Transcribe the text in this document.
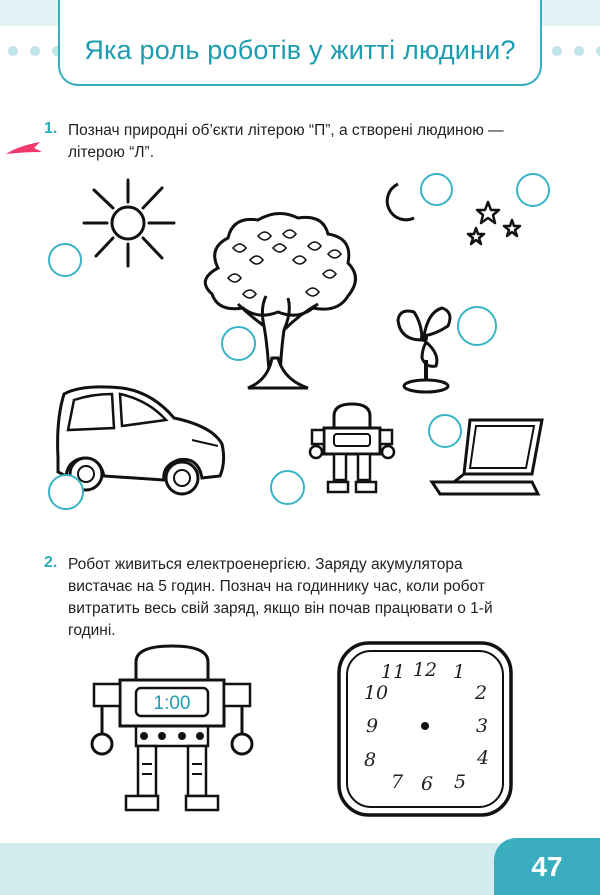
Яка роль роботів у житті людини?
1. Познач природні об’єкти літерою “П”, а створені людиною —
літерою “Л”.
2. Робот живиться електроенергією. Заряду акумулятора
вистачає на 5 годин. Познач на годиннику час, коли робот
витратить весь свій заряд, якщо він почав працювати о 1-й
годині.
1:00
11 12 1
10	2
9	3
8	4
7 6 5
47
